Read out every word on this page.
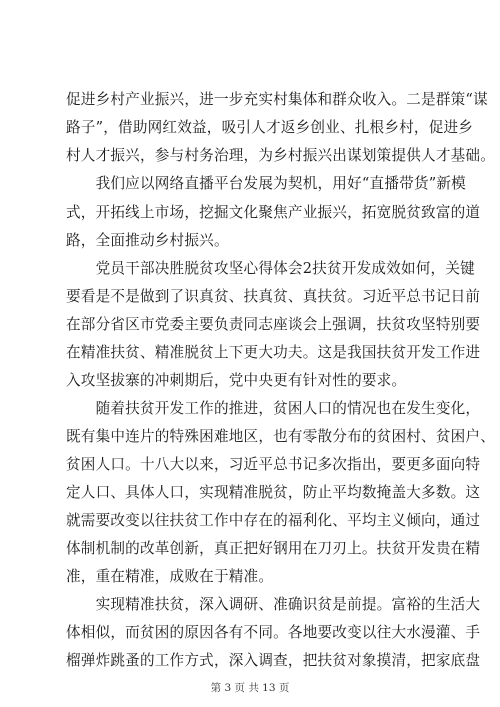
促进乡村产业振兴，进一步充实村集体和群众收入。二是群策“谋
路子”，借助网红效益，吸引人才返乡创业、扎根乡村，促进乡
村人才振兴，参与村务治理，为乡村振兴出谋划策提供人才基础。
　　我们应以网络直播平台发展为契机，用好“直播带货”新模
式，开拓线上市场，挖掘文化聚焦产业振兴，拓宽脱贫致富的道
路，全面推动乡村振兴。
　　党员干部决胜脱贫攻坚心得体会2扶贫开发成效如何，关键
要看是不是做到了识真贫、扶真贫、真扶贫。习近平总书记日前
在部分省区市党委主要负责同志座谈会上强调，扶贫攻坚特别要
在精准扶贫、精准脱贫上下更大功夫。这是我国扶贫开发工作进
入攻坚拔寨的冲刺期后，党中央更有针对性的要求。
　　随着扶贫开发工作的推进，贫困人口的情况也在发生变化，
既有集中连片的特殊困难地区，也有零散分布的贫困村、贫困户、
贫困人口。十八大以来，习近平总书记多次指出，要更多面向特
定人口、具体人口，实现精准脱贫，防止平均数掩盖大多数。这
就需要改变以往扶贫工作中存在的福利化、平均主义倾向，通过
体制机制的改革创新，真正把好钢用在刀刃上。扶贫开发贵在精
准，重在精准，成败在于精准。
　　实现精准扶贫，深入调研、准确识贫是前提。富裕的生活大
体相似，而贫困的原因各有不同。各地要改变以往大水漫灌、手
榴弹炸跳蚤的工作方式，深入调查，把扶贫对象摸清，把家底盘
第 3 页 共 13 页
